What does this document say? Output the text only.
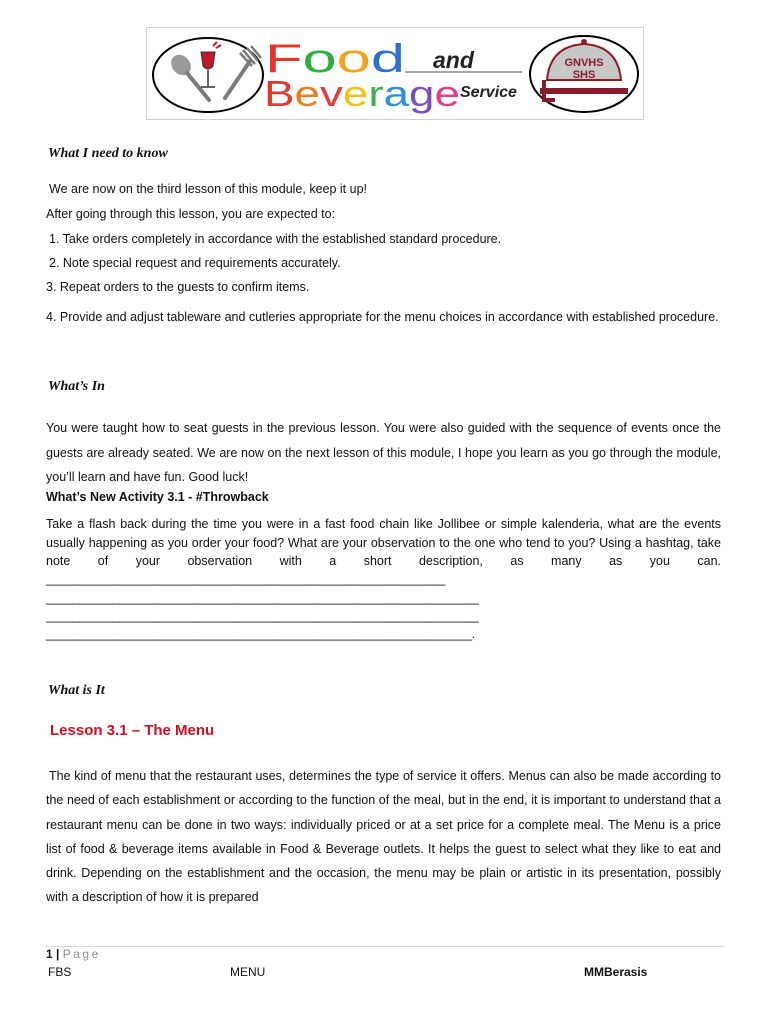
F o o d	and
B e v e ra g e Service
GNVHS
SHS
What I need to know

We are now on the third lesson of this module, keep it up!

After going through this lesson, you are expected to:

1. Take orders completely in accordance with the established standard procedure.

2. Note special request and requirements accurately.

3. Repeat orders to the guests to confirm items.

4. Provide and adjust tableware and cutleries appropriate for the menu choices in accordance with established procedure.

What’s In

You were taught how to seat guests in the previous lesson. You were also guided with the sequence of events once the guests are already seated. We are now on the next lesson of this module, I hope you learn as you go through the module, you’ll learn and have fun. Good luck!

What’s New Activity 3.1 - #Throwback

Take a flash back during the time you were in a fast food chain like Jollibee or simple kalenderia, what are the events usually happening as you order your food? What are your observation to the one who tend to you? Using a hashtag, take note of your observation with a short description, as many as you can.

____________________________________________________________
_________________________________________________________________
_________________________________________________________________
________________________________________________________________.
What is It
Lesson 3.1 – The Menu

The kind of menu that the restaurant uses, determines the type of service it offers. Menus can also be made according to the need of each establishment or according to the function of the meal, but in the end, it is important to understand that a restaurant menu can be done in two ways: individually priced or at a set price for a complete meal. The Menu is a price list of food & beverage items available in Food & Beverage outlets. It helps the guest to select what they like to eat and drink. Depending on the establishment and the occasion, the menu may be plain or artistic in its presentation, possibly with a description of how it is prepared

1 | Page
FBS	MENU	MMBerasis
